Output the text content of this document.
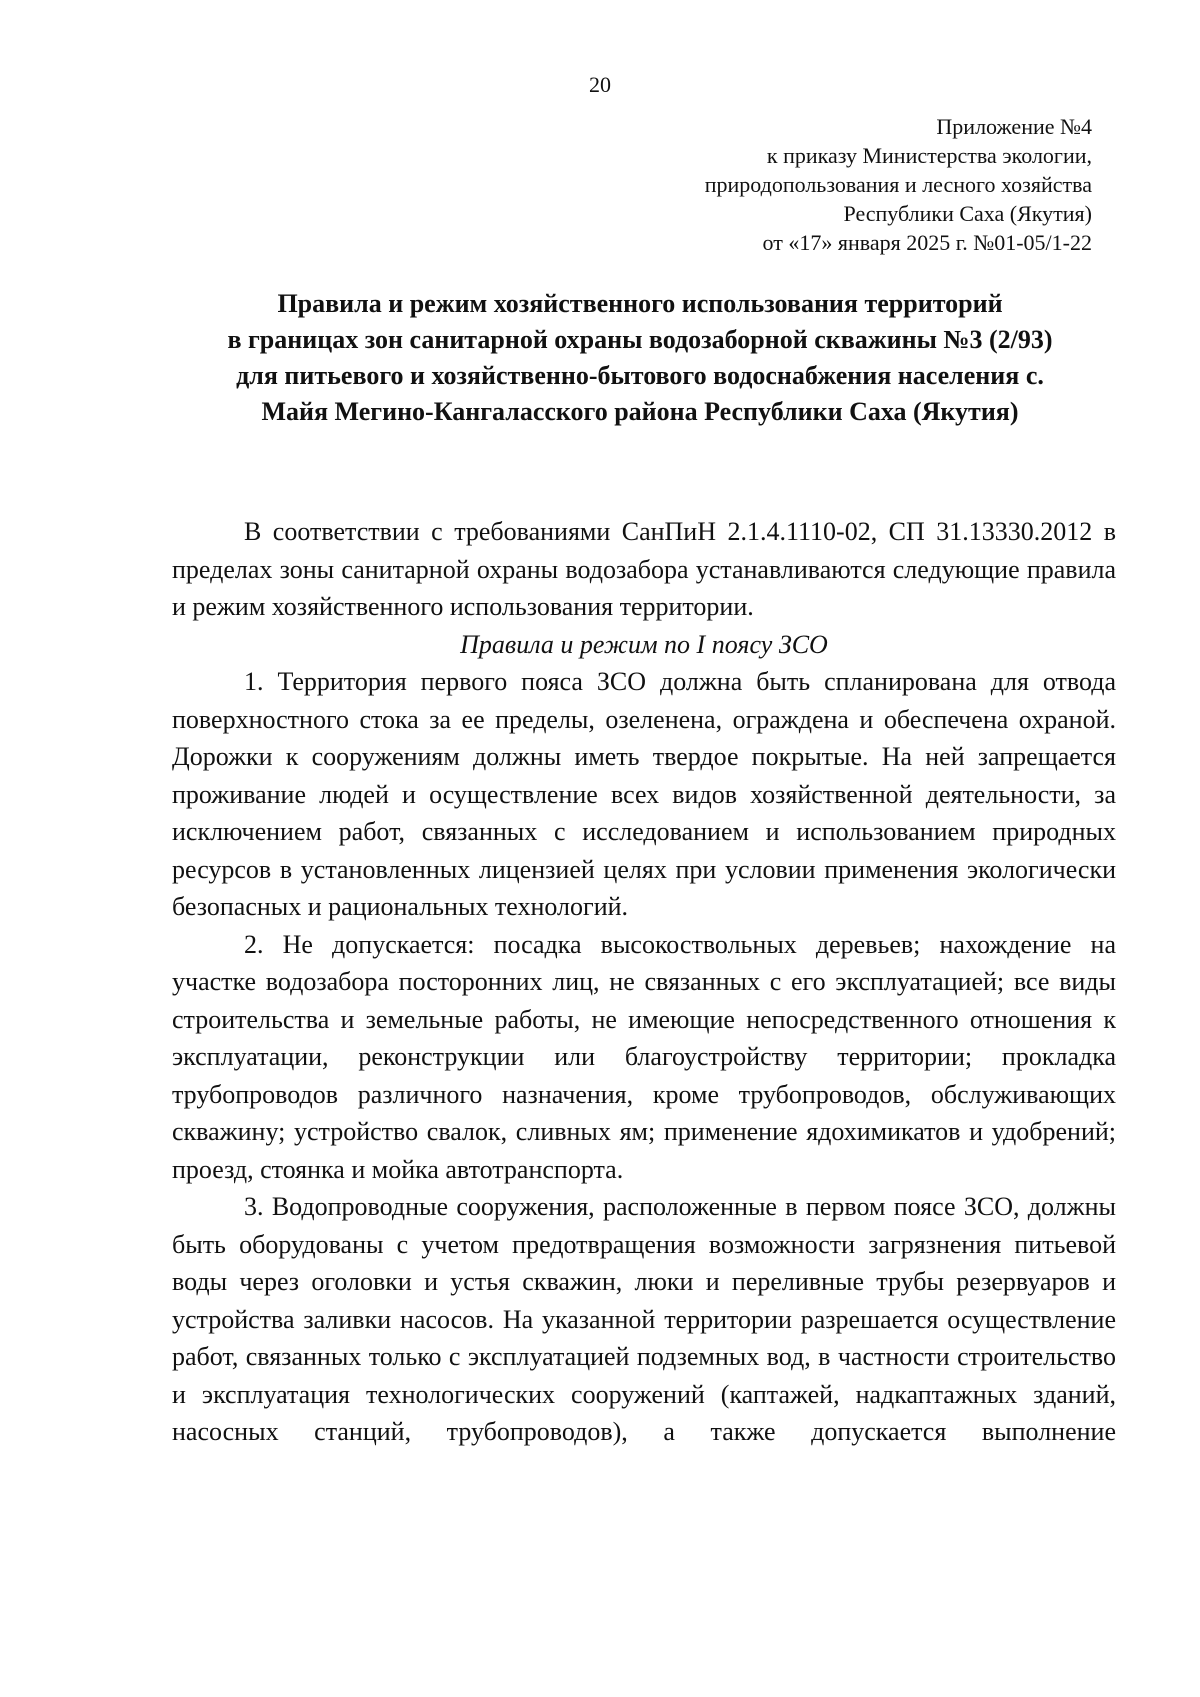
20
Приложение №4
к приказу Министерства экологии,
природопользования и лесного хозяйства
Республики Саха (Якутия)
от «17» января 2025 г. №01-05/1-22
Правила и режим хозяйственного использования территорий
в границах зон санитарной охраны водозаборной скважины №3 (2/93)
для питьевого и хозяйственно-бытового водоснабжения населения с.
Майя Мегино-Кангаласского района Республики Саха (Якутия)

В соответствии с требованиями СанПиН 2.1.4.1110-02, СП 31.13330.2012 в пределах зоны санитарной охраны водозабора устанавливаются следующие правила и режим хозяйственного использования территории.

Правила и режим по I поясу ЗСО

1. Территория первого пояса ЗСО должна быть спланирована для отвода поверхностного стока за ее пределы, озеленена, ограждена и обеспечена охраной. Дорожки к сооружениям должны иметь твердое покрытые. На ней запрещается проживание людей и осуществление всех видов хозяйственной деятельности, за исключением работ, связанных с исследованием и использованием природных ресурсов в установленных лицензией целях при условии применения экологически безопасных и рациональных технологий.

2. Не допускается: посадка высокоствольных деревьев; нахождение на участке водозабора посторонних лиц, не связанных с его эксплуатацией; все виды строительства и земельные работы, не имеющие непосредственного отношения к эксплуатации, реконструкции или благоустройству территории; прокладка трубопроводов различного назначения, кроме трубопроводов, обслуживающих скважину; устройство свалок, сливных ям; применение ядохимикатов и удобрений; проезд, стоянка и мойка автотранспорта.

3. Водопроводные сооружения, расположенные в первом поясе ЗСО, должны быть оборудованы с учетом предотвращения возможности загрязнения питьевой воды через оголовки и устья скважин, люки и переливные трубы резервуаров и устройства заливки насосов. На указанной территории разрешается осуществление работ, связанных только с эксплуатацией подземных вод, в частности строительство и эксплуатация технологических сооружений (каптажей, надкаптажных зданий, насосных станций, трубопроводов), а также допускается выполнение
